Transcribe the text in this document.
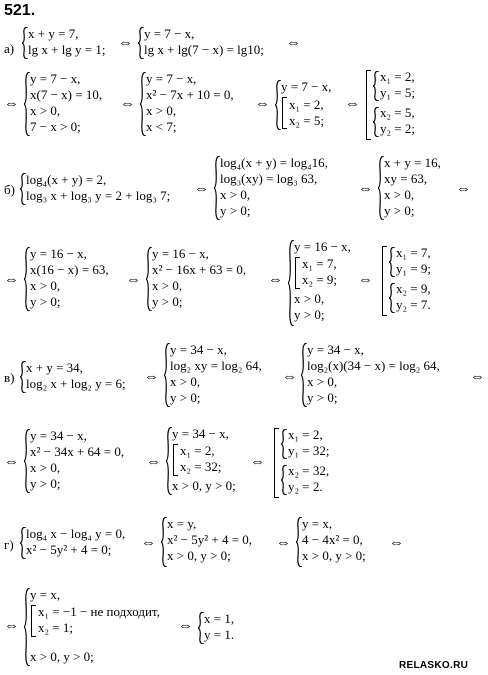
521.
а)
x + y = 7,
lg x + lg y = 1; ⇔
y = 7 − x,
lg x + lg(7 − x) = lg10; ⇔
⇔
y = 7 − x,
x(7 − x) = 10,
x > 0,
7 − x > 0;
⇔
y = 7 − x,
x² − 7x + 10 = 0,
x > 0,
x < 7;
⇔
y = 7 − x,
x₁ = 2,
x₂ = 5;
⇔
x₁ = 2,
y₁ = 5;
x₂ = 5,
y₂ = 2;
б)
log₄(x + y) = 2,
log₃ x + log₃ y = 2 + log₃ 7; ⇔
log₄(x + y) = log₄16,
log₃(xy) = log₃ 63,
x > 0,
y > 0;
⇔
x + y = 16,
xy = 63,
x > 0,
y > 0;
⇔
⇔
y = 16 − x,
x(16 − x) = 63,
x > 0,
y > 0;
⇔
y = 16 − x,
x² − 16x + 63 = 0,
x > 0,
y > 0;
⇔
y = 16 − x,
x₁ = 7,
x₂ = 9;
x > 0,
y > 0;
⇔
x₁ = 7,
y₁ = 9;
x₂ = 9,
y₂ = 7.
в)
x + y = 34,
log₂ x + log₂ y = 6; ⇔
y = 34 − x,
log₂ xy = log₂ 64,
x > 0,
y > 0;
⇔
y = 34 − x,
log₂(x)(34 − x) = log₂ 64,
x > 0,
y > 0;
⇔
⇔
y = 34 − x,
x² − 34x + 64 = 0,
x > 0,
y > 0;
⇔
y = 34 − x,
x₁ = 2,
x₂ = 32;
x > 0, y > 0;
⇔
x₁ = 2,
y₁ = 32;
x₂ = 32,
y₂ = 2.
г)
log₄ x − log₄ y = 0,
x² − 5y² + 4 = 0; ⇔
x = y,
x² − 5y² + 4 = 0,
x > 0, y > 0;
⇔
y = x,
4 − 4x² = 0,
x > 0, y > 0;
⇔
⇔
y = x,
x₁ = −1 − не подходит,
x₂ = 1;
x > 0, y > 0;
⇔ x = 1,
y = 1.
RELASKO.RU
